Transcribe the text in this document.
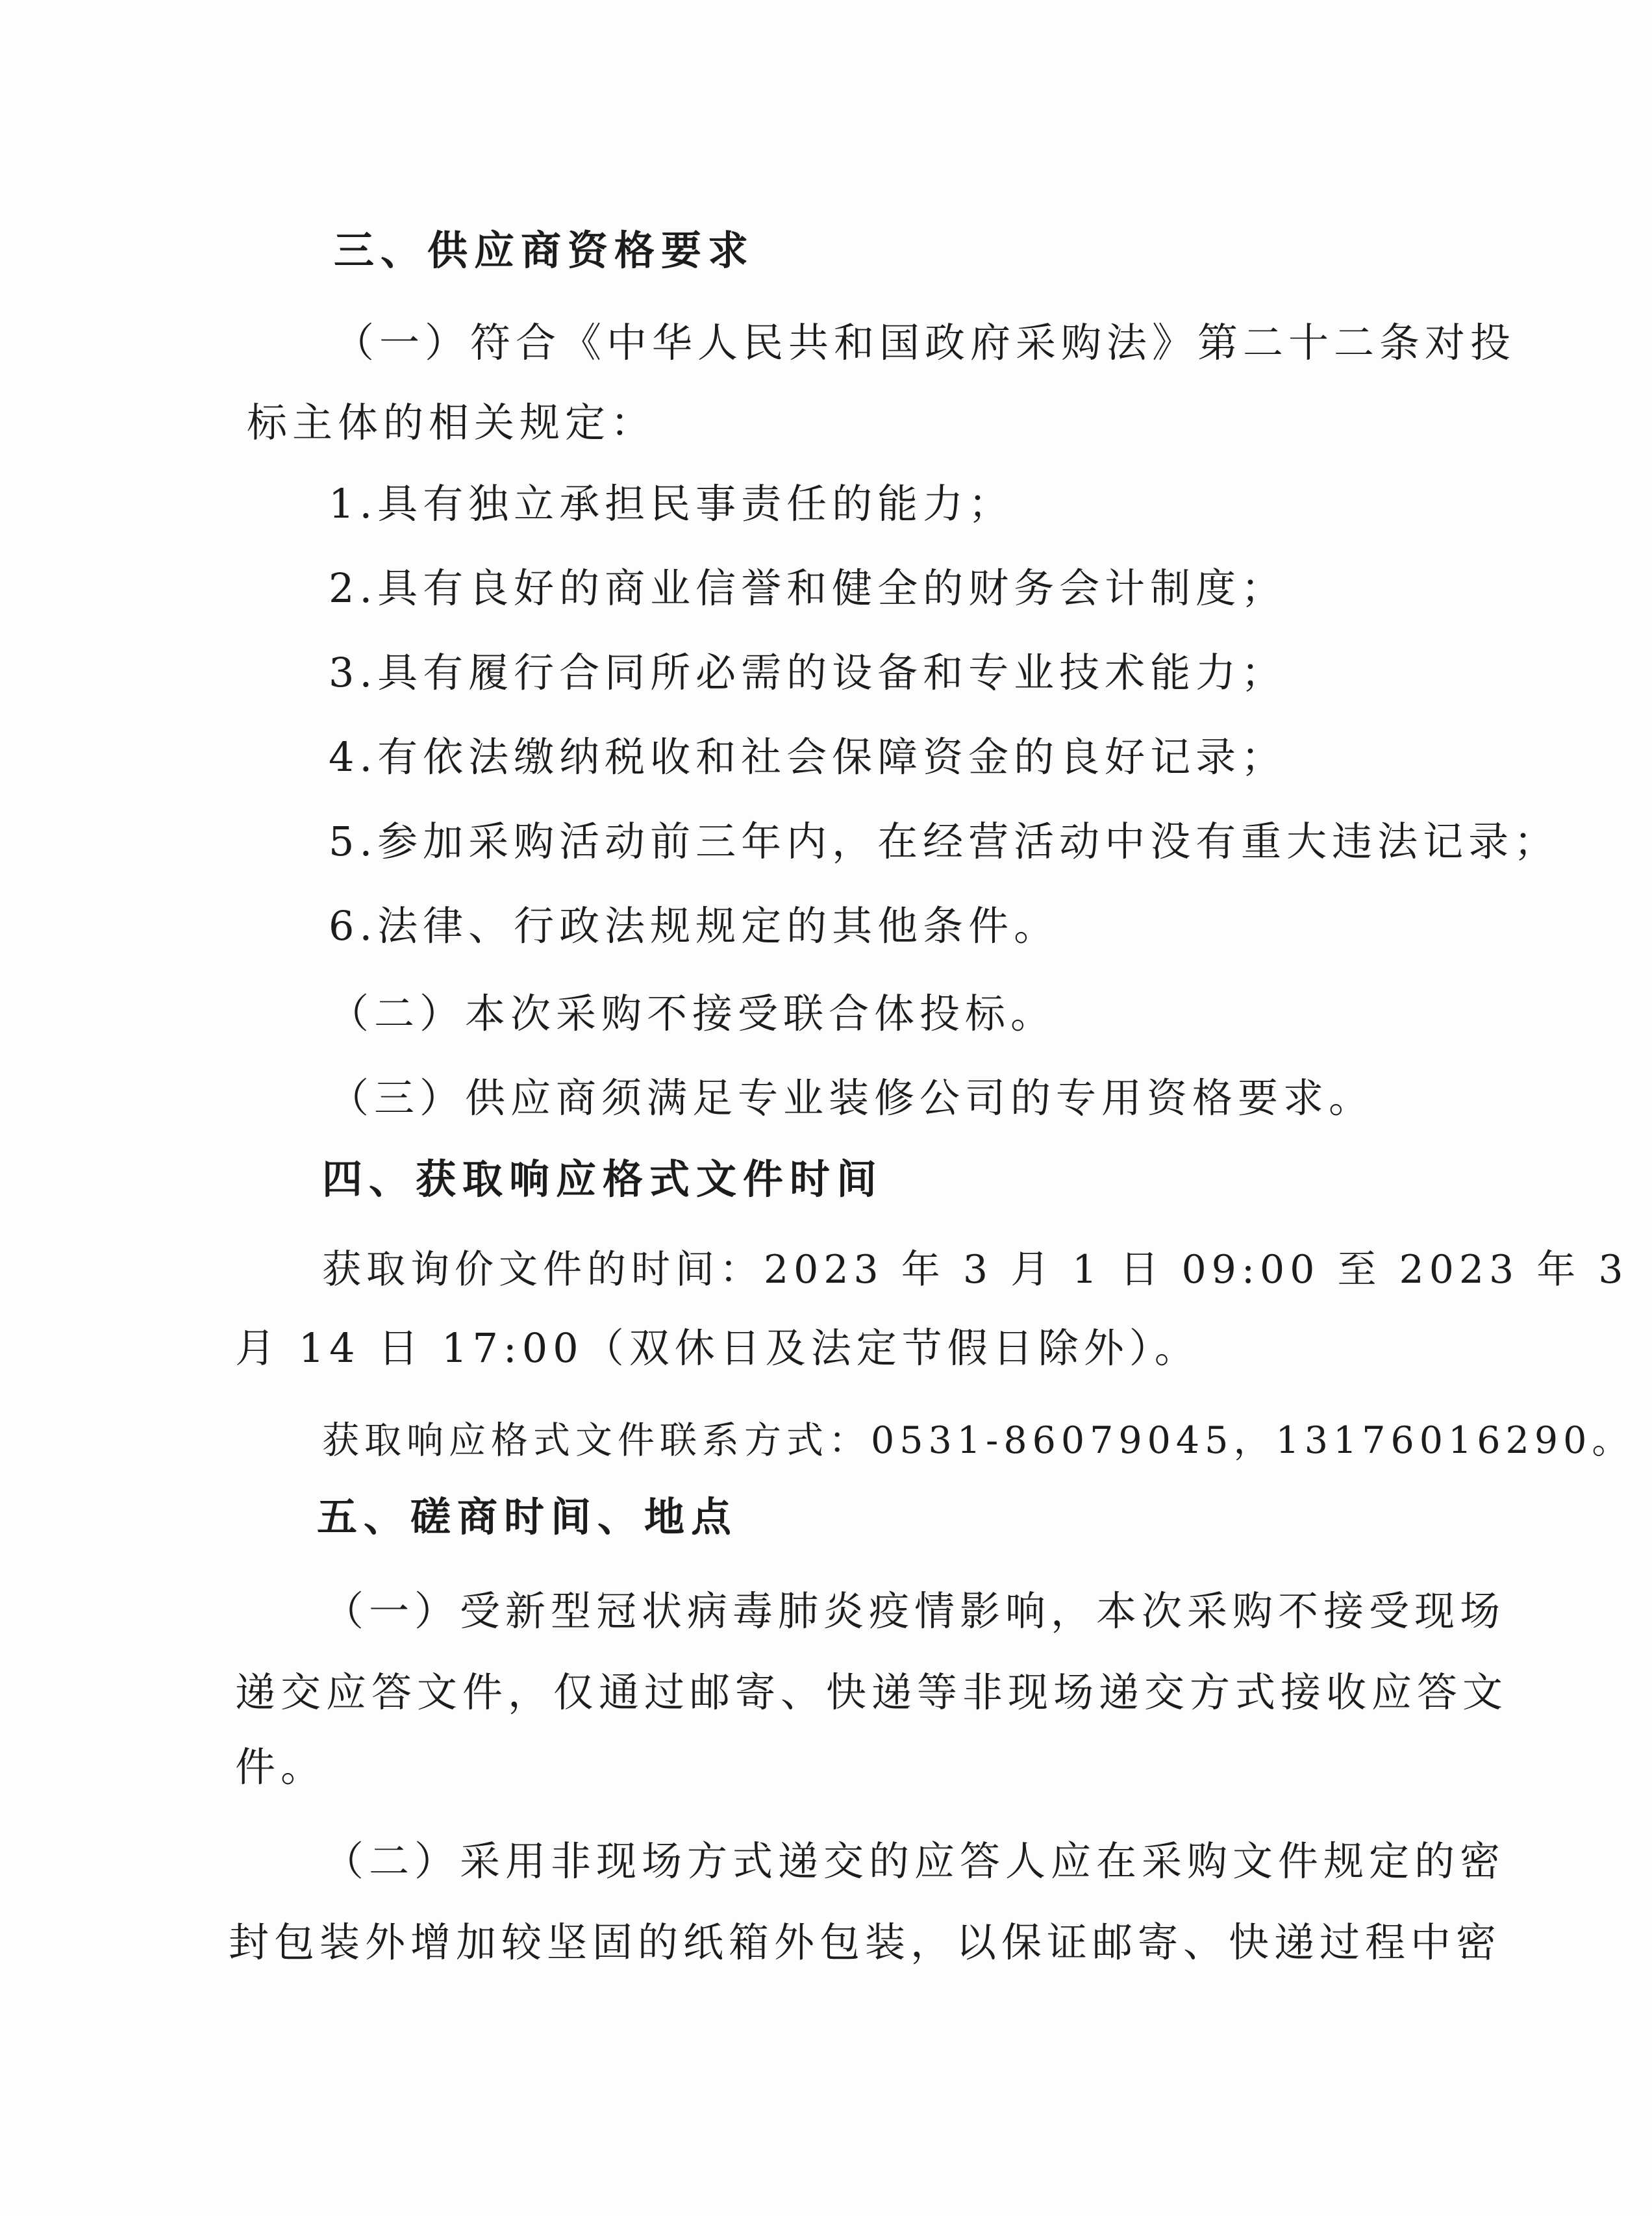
三、供应商资格要求
（一）符合《中华人民共和国政府采购法》第二十二条对投
标主体的相关规定：
1.具有独立承担民事责任的能力；
2.具有良好的商业信誉和健全的财务会计制度；
3.具有履行合同所必需的设备和专业技术能力；
4.有依法缴纳税收和社会保障资金的良好记录；
5.参加采购活动前三年内，在经营活动中没有重大违法记录；
6.法律、行政法规规定的其他条件。
（二）本次采购不接受联合体投标。
（三）供应商须满足专业装修公司的专用资格要求。
四、获取响应格式文件时间
获取询价文件的时间：2023 年 3 月 1 日 09:00 至 2023 年 3
月 14 日 17:00（双休日及法定节假日除外）。
获取响应格式文件联系方式：0531-86079045，13176016290。
五、磋商时间、地点
（一）受新型冠状病毒肺炎疫情影响，本次采购不接受现场
递交应答文件，仅通过邮寄、快递等非现场递交方式接收应答文
件。
（二）采用非现场方式递交的应答人应在采购文件规定的密
封包装外增加较坚固的纸箱外包装，以保证邮寄、快递过程中密
